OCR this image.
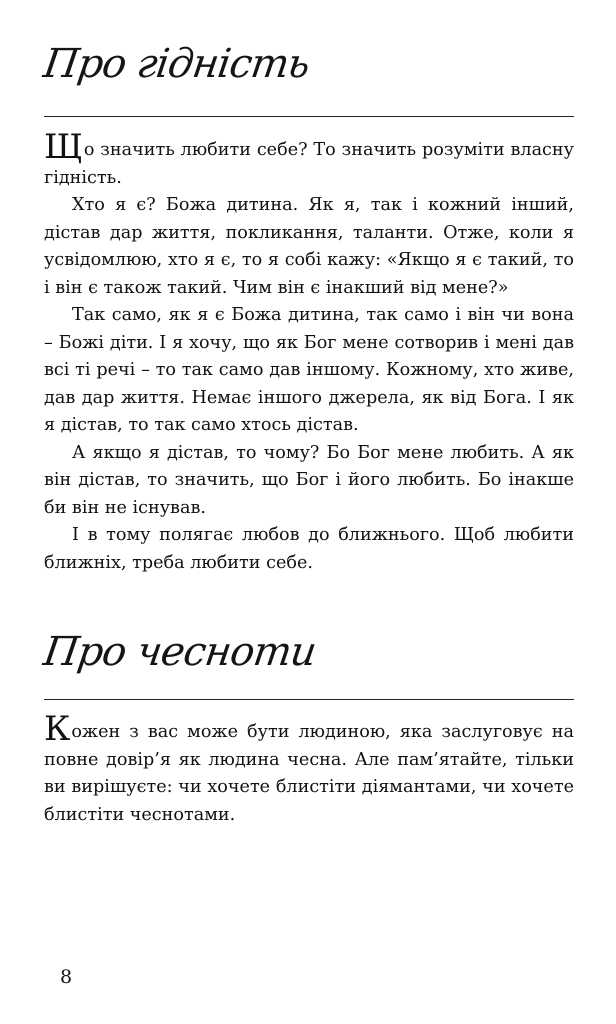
Про гідність

Що значить любити себе? То значить розуміти власну гідність.

Хто я є? Божа дитина. Як я, так і кожний інший, дістав дар життя, покликання, таланти. Отже, коли я усвідомлюю, хто я є, то я собі кажу: «Якщо я є такий, то і він є також такий. Чим він є інакший від мене?»

Так само, як я є Божа дитина, так само і він чи вона – Божі діти. І я хочу, що як Бог мене сотворив і мені дав всі ті речі – то так само дав іншому. Кожному, хто живе, дав дар життя. Немає іншого джерела, як від Бога. І як я дістав, то так само хтось дістав.

А якщо я дістав, то чому? Бо Бог мене любить. А як він дістав, то значить, що Бог і його любить. Бо інакше би він не існував.

І в тому полягає любов до ближнього. Щоб любити ближніх, треба любити себе.

Про чесноти

Кожен з вас може бути людиною, яка заслуговує на повне довір’я як людина чесна. Але пам’ятайте, тільки ви вирішуєте: чи хочете блистіти діямантами, чи хочете блистіти чеснотами.

8
